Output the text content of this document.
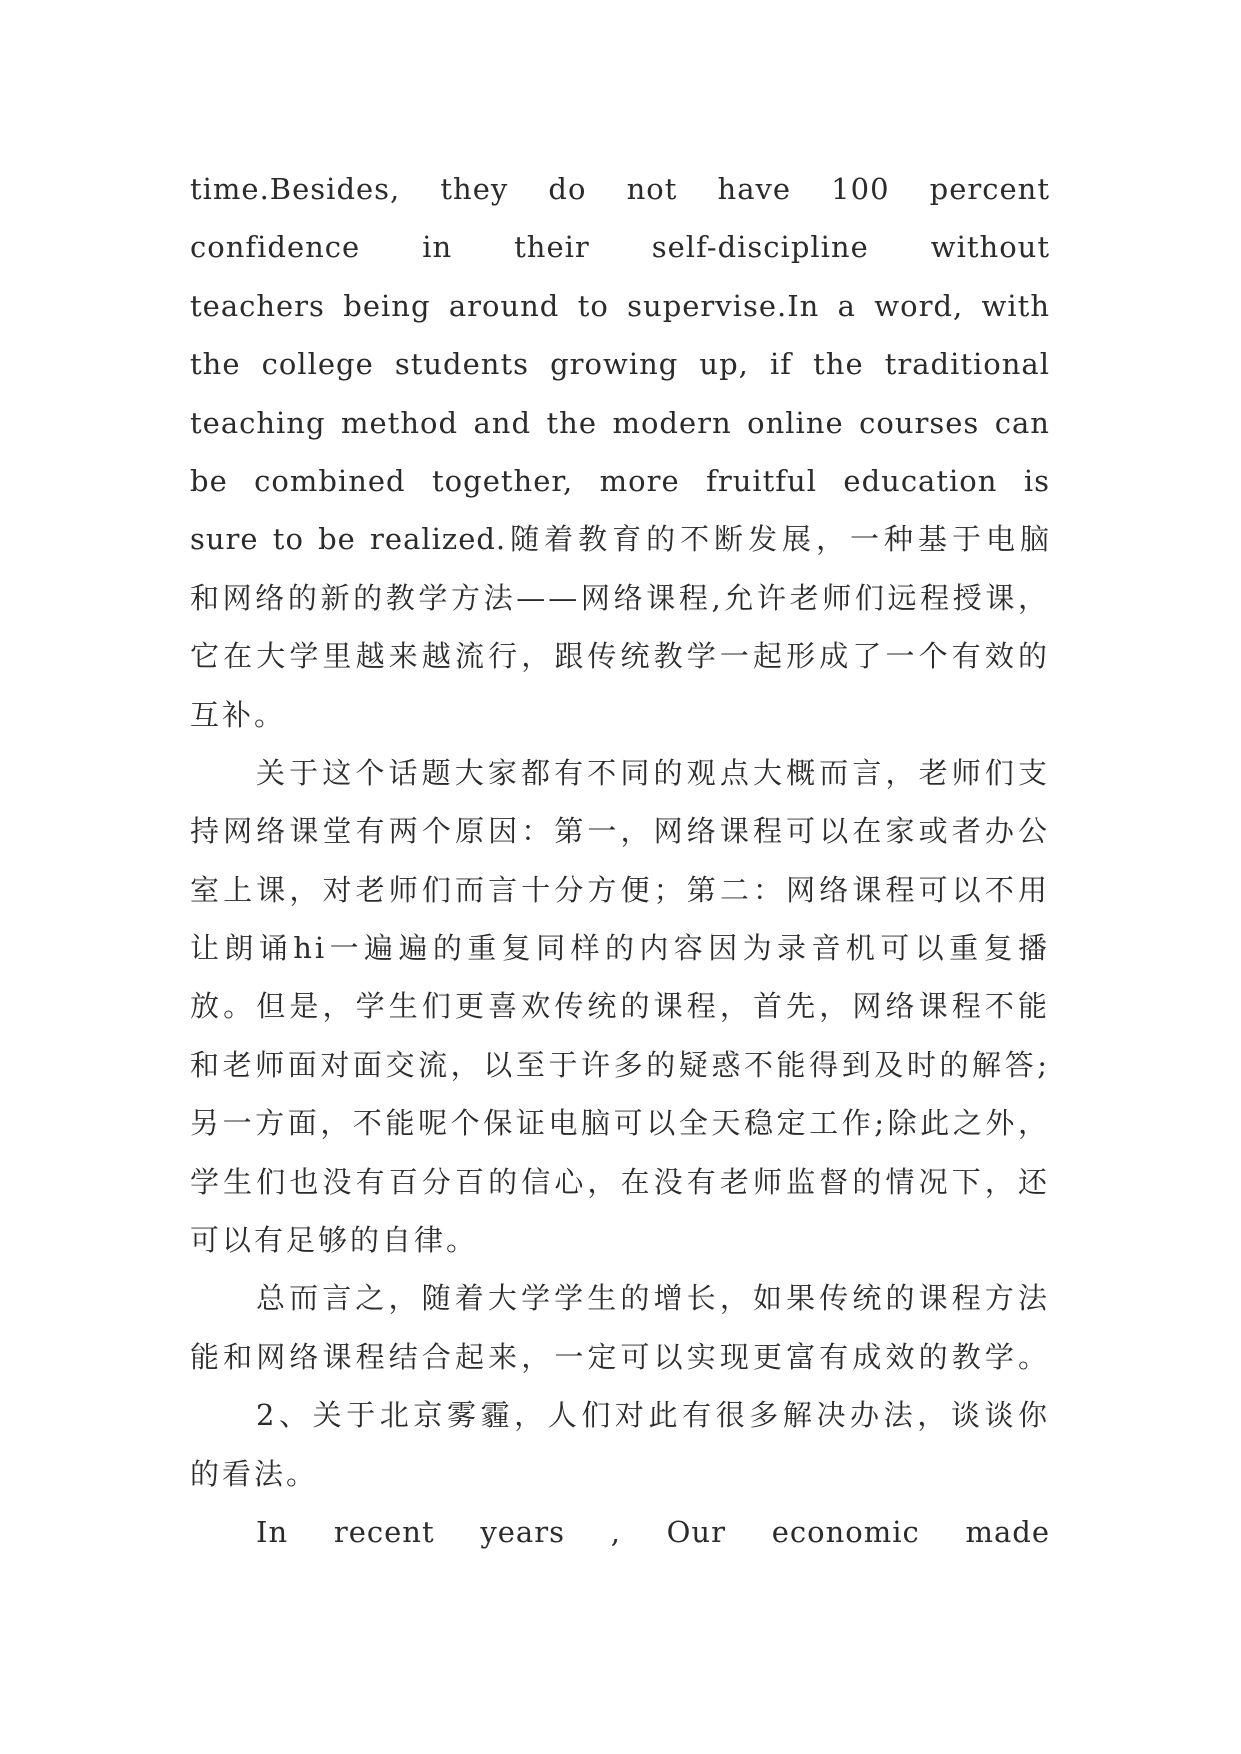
time.Besides, they do not have 100 percent
confidence in their self-discipline without
teachers being around to supervise.In a word, with
the college students growing up, if the traditional
teaching method and the modern online courses can
be combined together, more fruitful education is
sure to be realized.随着教育的不断发展，一种基于电脑
和网络的新的教学方法——网络课程,允许老师们远程授课，
它在大学里越来越流行，跟传统教学一起形成了一个有效的
互补。
关于这个话题大家都有不同的观点大概而言，老师们支
持网络课堂有两个原因：第一，网络课程可以在家或者办公
室上课，对老师们而言十分方便；第二：网络课程可以不用
让朗诵hi一遍遍的重复同样的内容因为录音机可以重复播
放。但是，学生们更喜欢传统的课程，首先，网络课程不能
和老师面对面交流，以至于许多的疑惑不能得到及时的解答;
另一方面，不能呢个保证电脑可以全天稳定工作;除此之外，
学生们也没有百分百的信心，在没有老师监督的情况下，还
可以有足够的自律。
总而言之，随着大学学生的增长，如果传统的课程方法
能和网络课程结合起来，一定可以实现更富有成效的教学。
2、关于北京雾霾，人们对此有很多解决办法，谈谈你
的看法。
In recent years , Our economic made
